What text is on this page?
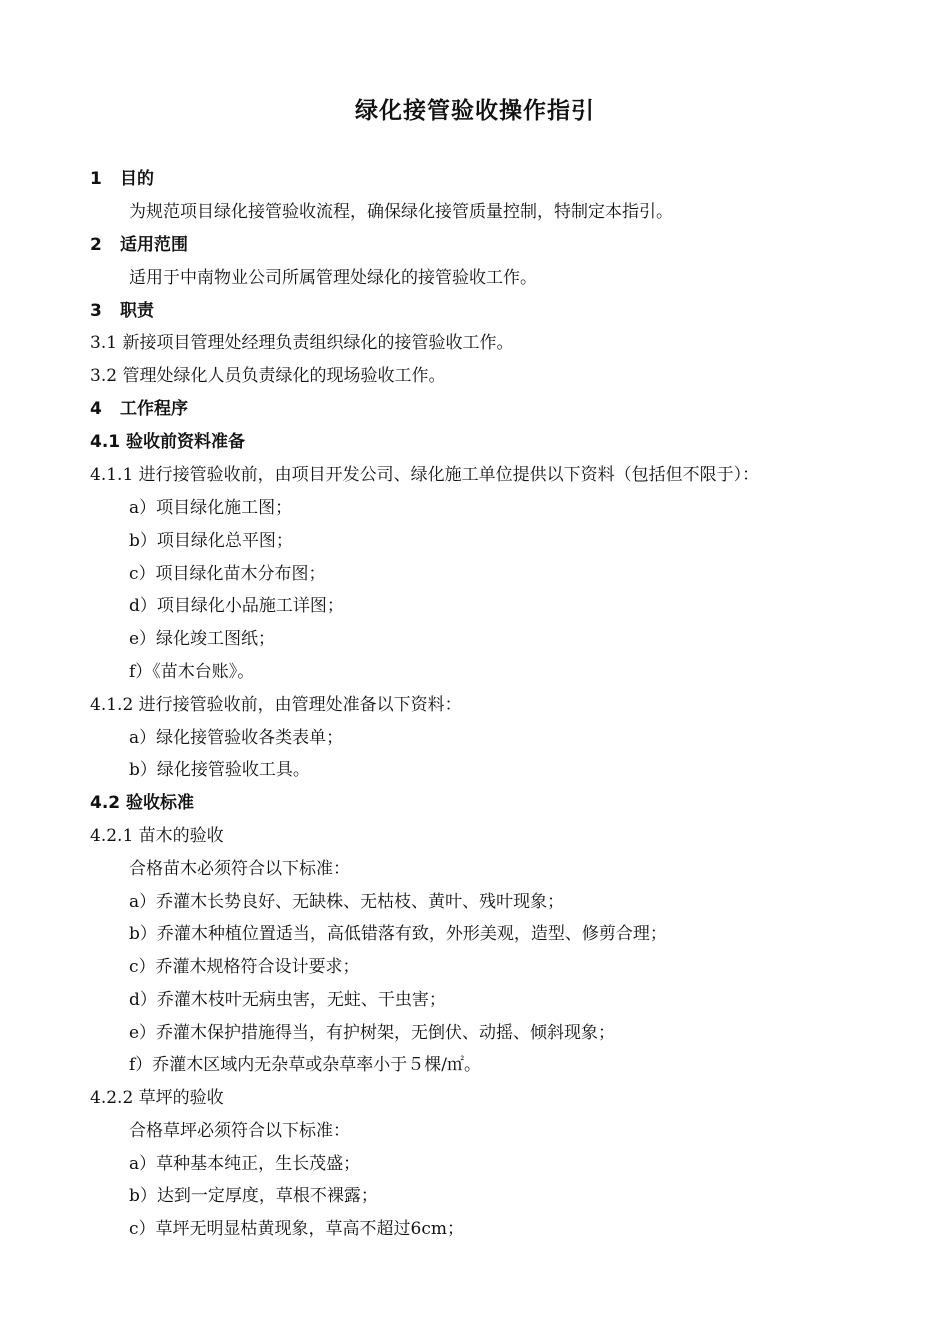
绿化接管验收操作指引
1 目的
为规范项目绿化接管验收流程，确保绿化接管质量控制，特制定本指引。
2 适用范围
适用于中南物业公司所属管理处绿化的接管验收工作。
3 职责
3.1 新接项目管理处经理负责组织绿化的接管验收工作。
3.2 管理处绿化人员负责绿化的现场验收工作。
4 工作程序
4.1 验收前资料准备
4.1.1 进行接管验收前，由项目开发公司、绿化施工单位提供以下资料（包括但不限于）：
a）项目绿化施工图；
b）项目绿化总平图；
c）项目绿化苗木分布图；
d）项目绿化小品施工详图；
e）绿化竣工图纸；
f）《苗木台账》。
4.1.2 进行接管验收前，由管理处准备以下资料：
a）绿化接管验收各类表单；
b）绿化接管验收工具。
4.2 验收标准
4.2.1 苗木的验收
合格苗木必须符合以下标准：
a）乔灌木长势良好、无缺株、无枯枝、黄叶、残叶现象；
b）乔灌木种植位置适当，高低错落有致，外形美观，造型、修剪合理；
c）乔灌木规格符合设计要求；
d）乔灌木枝叶无病虫害，无蛀、干虫害；
e）乔灌木保护措施得当，有护树架，无倒伏、动摇、倾斜现象；
f）乔灌木区域内无杂草或杂草率小于５棵/㎡。
4.2.2 草坪的验收
合格草坪必须符合以下标准：
a）草种基本纯正，生长茂盛；
b）达到一定厚度，草根不裸露；
c）草坪无明显枯黄现象，草高不超过6cm；
